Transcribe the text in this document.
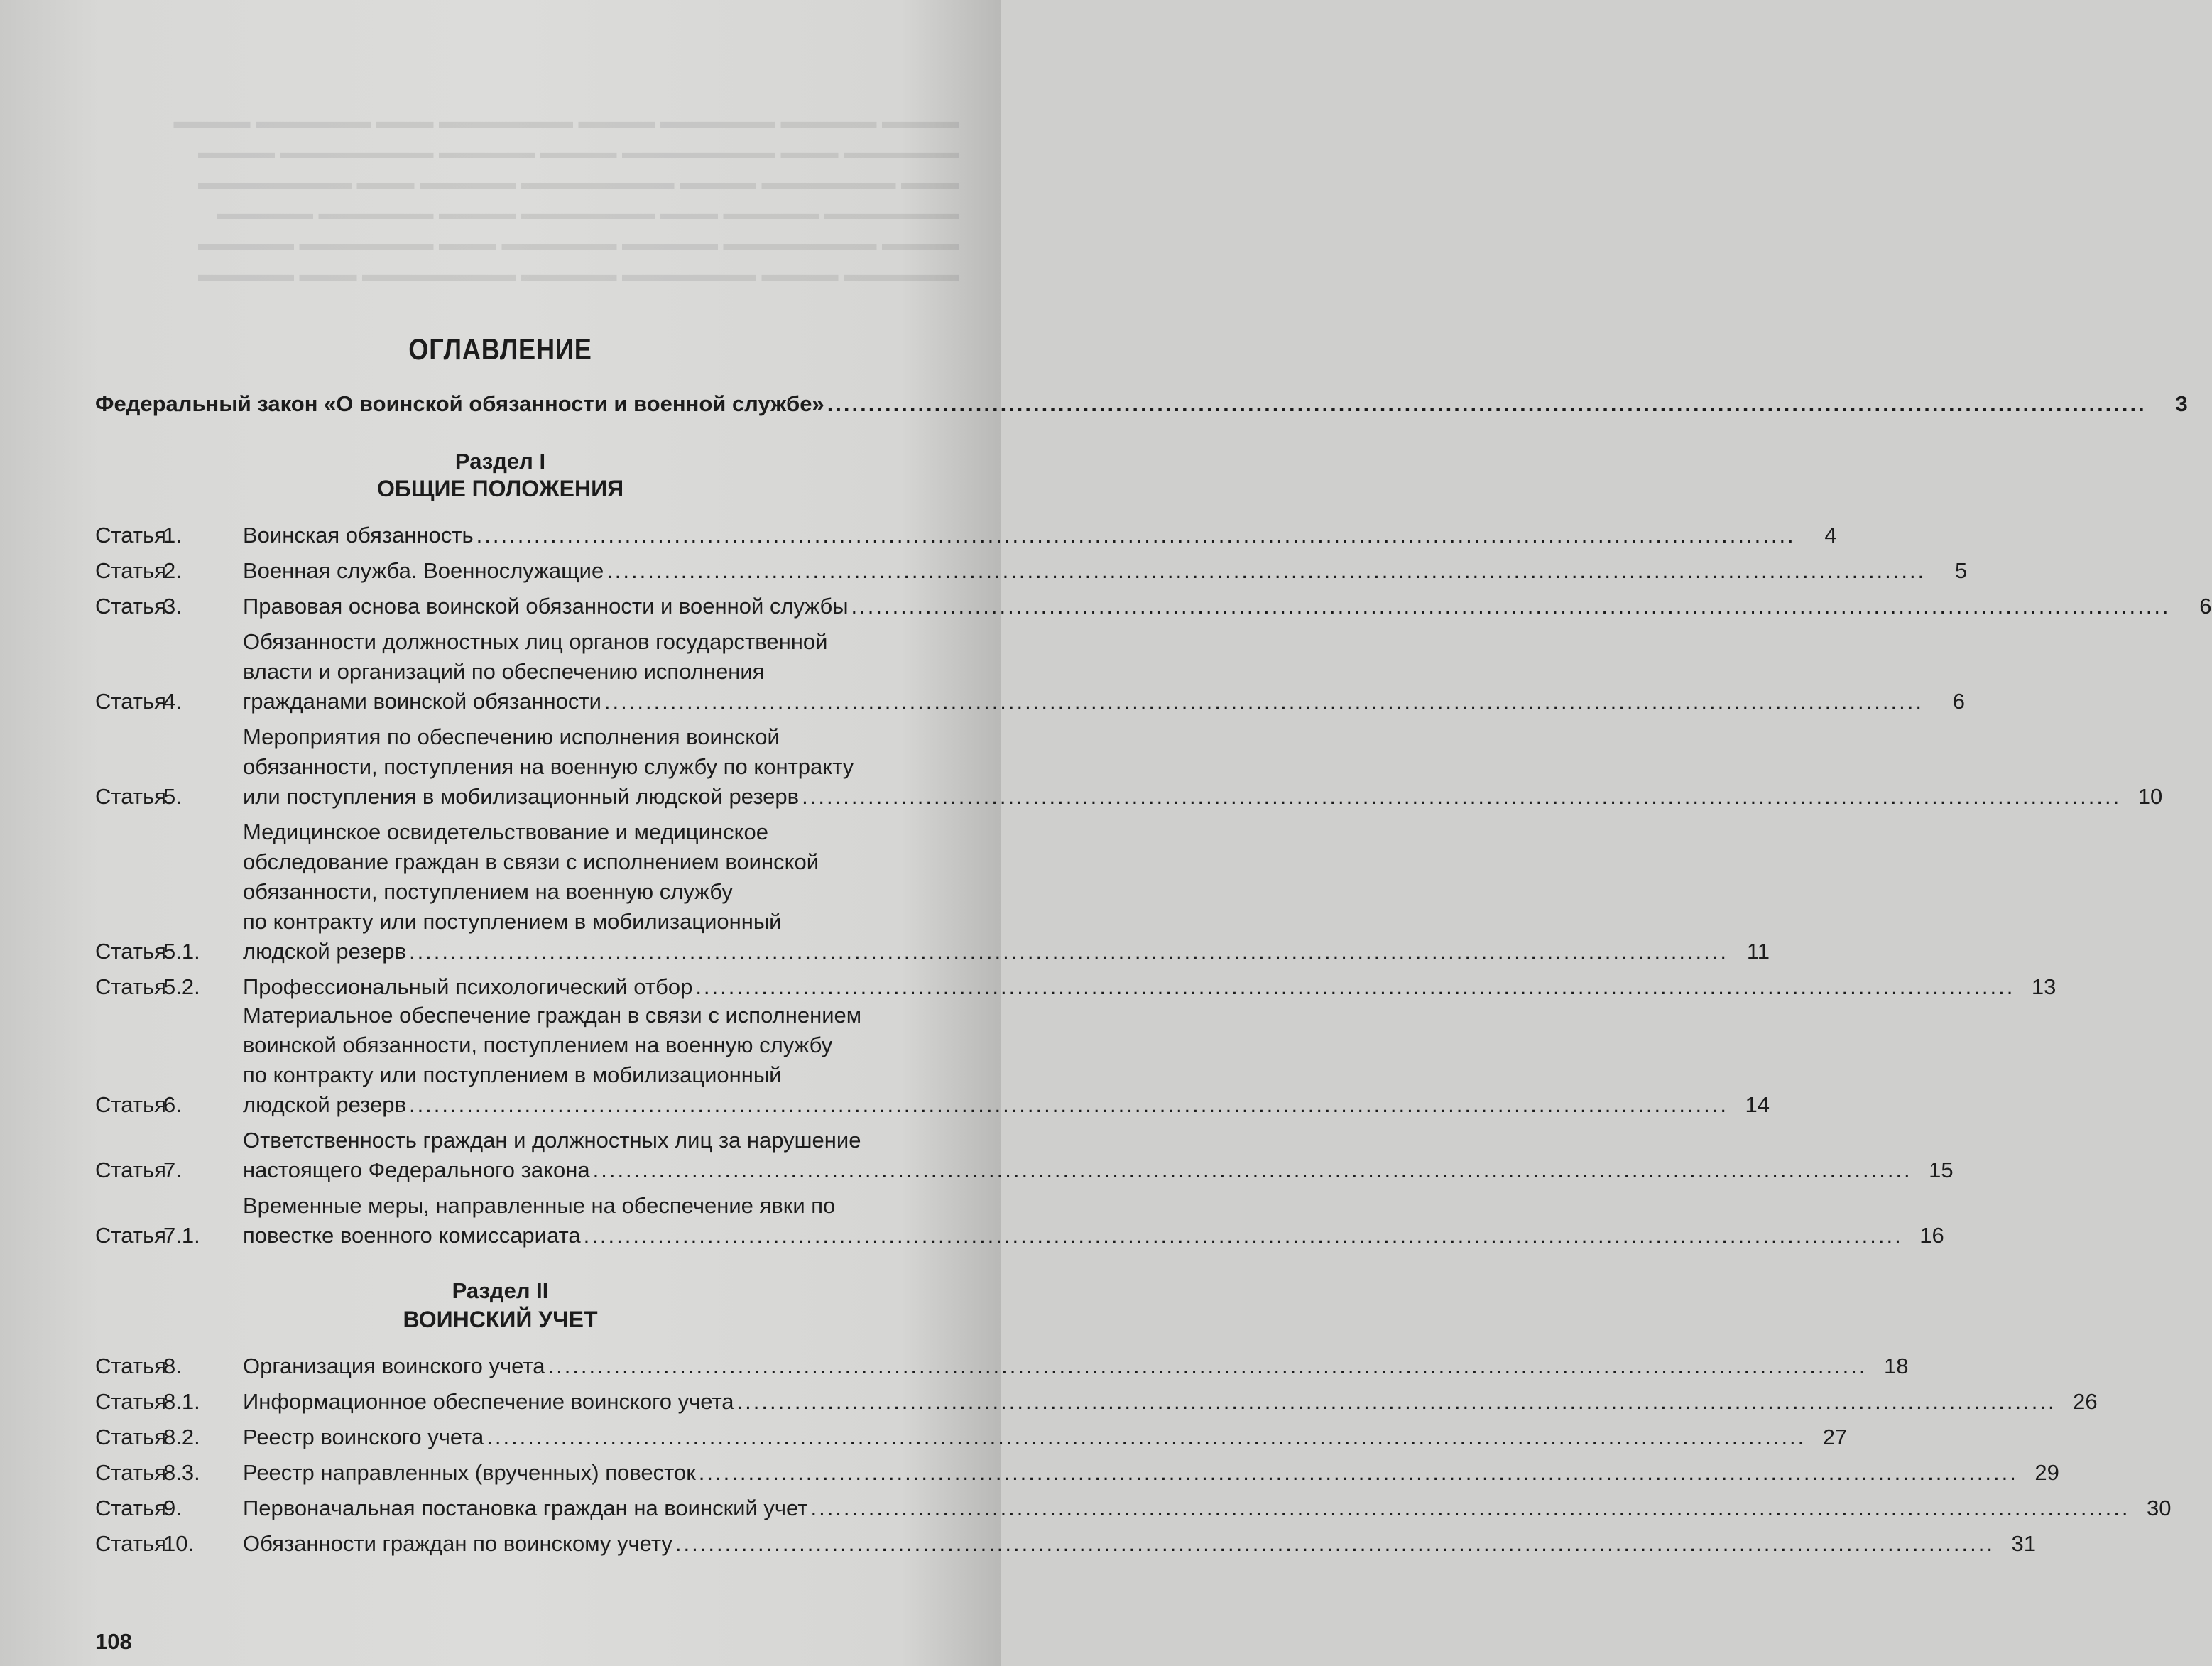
▬▬▬▬ ▬▬▬▬▬ ▬▬▬▬▬▬ ▬▬▬▬ ▬▬▬▬▬▬▬ ▬▬▬ ▬▬▬▬▬▬ ▬▬▬▬
▬▬▬▬▬▬ ▬▬▬ ▬▬▬▬▬▬▬▬ ▬▬▬▬ ▬▬▬▬▬ ▬▬▬▬▬▬▬▬ ▬▬▬▬
▬▬▬ ▬▬▬▬▬▬▬ ▬▬▬▬ ▬▬▬▬▬▬▬▬ ▬▬▬▬▬ ▬▬▬ ▬▬▬▬▬▬▬▬
▬▬▬▬▬▬▬ ▬▬▬▬▬ ▬▬▬ ▬▬▬▬▬▬▬ ▬▬▬▬ ▬▬▬▬▬▬ ▬▬▬▬▬
▬▬▬▬ ▬▬▬▬▬▬▬▬ ▬▬▬▬▬ ▬▬▬▬▬▬ ▬▬▬ ▬▬▬▬▬▬▬ ▬▬▬▬▬
▬▬▬▬▬▬ ▬▬▬▬ ▬▬▬▬▬▬▬ ▬▬▬▬▬ ▬▬▬▬▬▬▬▬ ▬▬▬ ▬▬▬▬▬
ОГЛАВЛЕНИЕ
Федеральный закон «О воинской обязанности и военной службе» ................................................................................................................................................................	3
Раздел I
ОБЩИЕ ПОЛОЖЕНИЯ
Статья1.	Воинская обязанность ................................................................................................................................................................	4
Статья2.	Военная служба. Военнослужащие ................................................................................................................................................................	5
Статья3.	Правовая основа воинской обязанности и военной службы ................................................................................................................................................................	6
Статья4.
Обязанности должностных лиц органов государственной
власти и организаций по обеспечению исполнения
гражданами воинской обязанности ................................................................................................................................................................	6
Статья5.
Мероприятия по обеспечению исполнения воинской
обязанности, поступления на военную службу по контракту
или поступления в мобилизационный людской резерв ................................................................................................................................................................ 10
Статья5.1.
Медицинское освидетельствование и медицинское
обследование граждан в связи с исполнением воинской
обязанности, поступлением на военную службу
по контракту или поступлением в мобилизационный
людской резерв ................................................................................................................................................................ 11
Статья5.2.	Профессиональный психологический отбор ................................................................................................................................................................ 13
Статья6.
Материальное обеспечение граждан в связи с исполнением
воинской обязанности, поступлением на военную службу
по контракту или поступлением в мобилизационный
людской резерв ................................................................................................................................................................ 14
Статья7.
Ответственность граждан и должностных лиц за нарушение
настоящего Федерального закона ................................................................................................................................................................ 15
Статья7.1.
Временные меры, направленные на обеспечение явки по
повестке военного комиссариата ................................................................................................................................................................ 16
Раздел II
ВОИНСКИЙ УЧЕТ
Статья8.	Организация воинского учета ................................................................................................................................................................ 18
Статья8.1.	Информационное обеспечение воинского учета ................................................................................................................................................................ 26
Статья8.2.	Реестр воинского учета ................................................................................................................................................................ 27
Статья8.3.	Реестр направленных (врученных) повесток ................................................................................................................................................................ 29
Статья9.	Первоначальная постановка граждан на воинский учет ................................................................................................................................................................ 30
Статья10.	Обязанности граждан по воинскому учету ................................................................................................................................................................ 31
108
